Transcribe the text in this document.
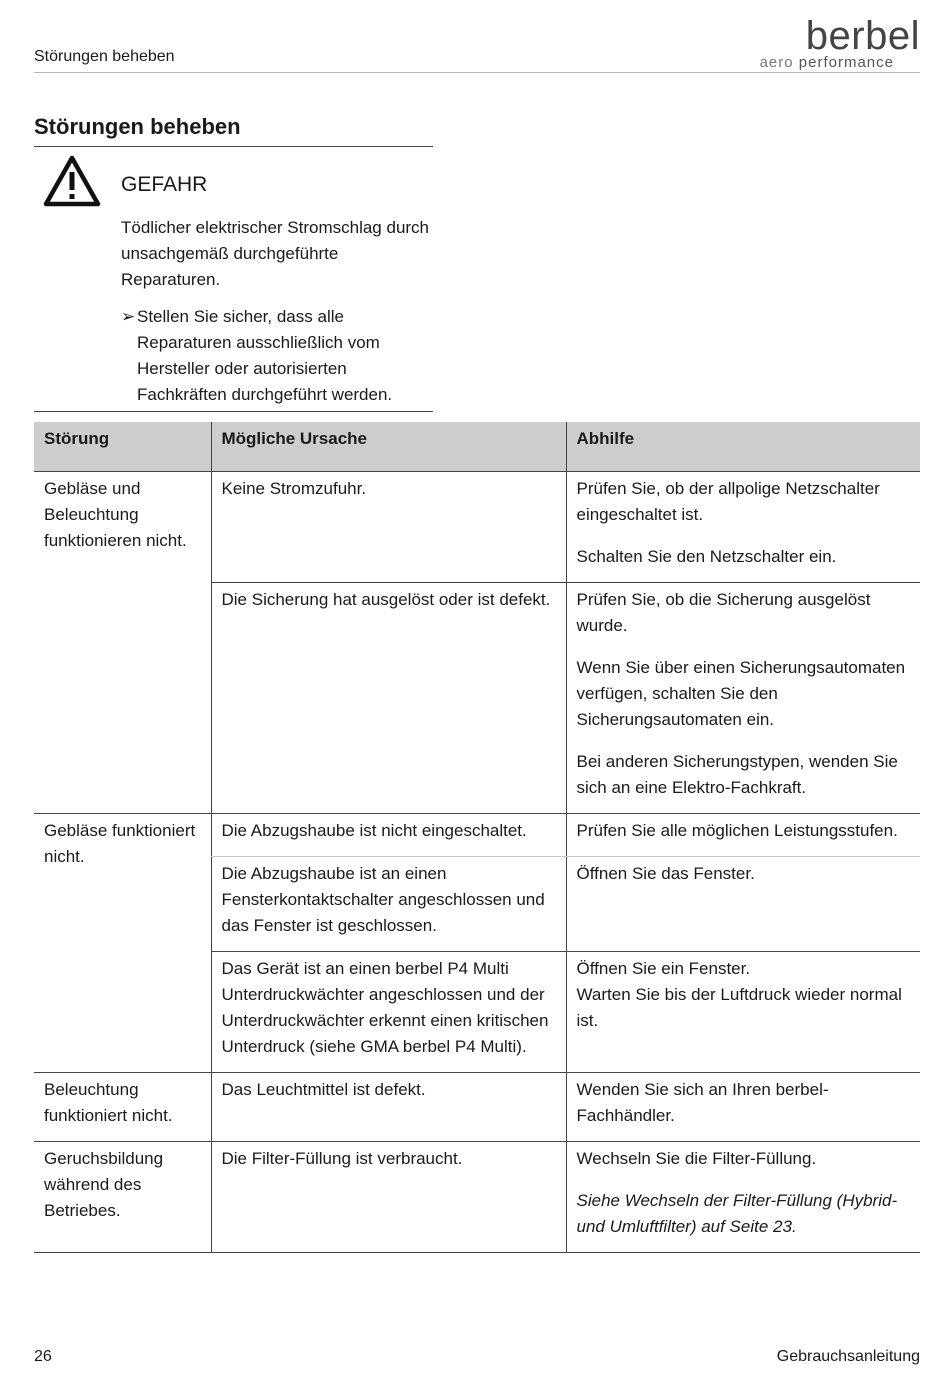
Störungen beheben	berbel
aero performance
Störungen beheben
GEFAHR
Tödlicher elektrischer Stromschlag durch unsachgemäß durchgeführte Reparaturen.
➢ Stellen Sie sicher, dass alle Reparaturen ausschließlich vom Hersteller oder autorisierten Fachkräften durchgeführt werden.
Störung	Mögliche Ursache	Abhilfe
Gebläse und Beleuchtung funktionieren nicht.	Keine Stromzufuhr.	Prüfen Sie, ob der allpolige Netzschalter eingeschaltet ist.
Schalten Sie den Netzschalter ein.

	Die Sicherung hat ausgelöst oder ist defekt.	Prüfen Sie, ob die Sicherung ausgelöst wurde.
Wenn Sie über einen Sicherungsautomaten verfügen, schalten Sie den Sicherungsautomaten ein.
Bei anderen Sicherungstypen, wenden Sie sich an eine Elektro-Fachkraft.

Gebläse funktioniert nicht.	Die Abzugshaube ist nicht eingeschaltet.	Prüfen Sie alle möglichen Leistungsstufen.

	Die Abzugshaube ist an einen Fensterkontaktschalter angeschlossen und das Fenster ist geschlossen.	Öffnen Sie das Fenster.

	Das Gerät ist an einen berbel P4 Multi Unterdruckwächter angeschlossen und der Unterdruckwächter erkennt einen kritischen Unterdruck (siehe GMA berbel P4 Multi).	Öffnen Sie ein Fenster.
Warten Sie bis der Luftdruck wieder normal ist.

Beleuchtung funktioniert nicht.	Das Leuchtmittel ist defekt.	Wenden Sie sich an Ihren berbel-Fachhändler.

Geruchsbildung während des Betriebes.	Die Filter-Füllung ist verbraucht.	Wechseln Sie die Filter-Füllung.
Siehe Wechseln der Filter-Füllung (Hybrid- und Umluftfilter) auf Seite 23.
26	Gebrauchsanleitung
